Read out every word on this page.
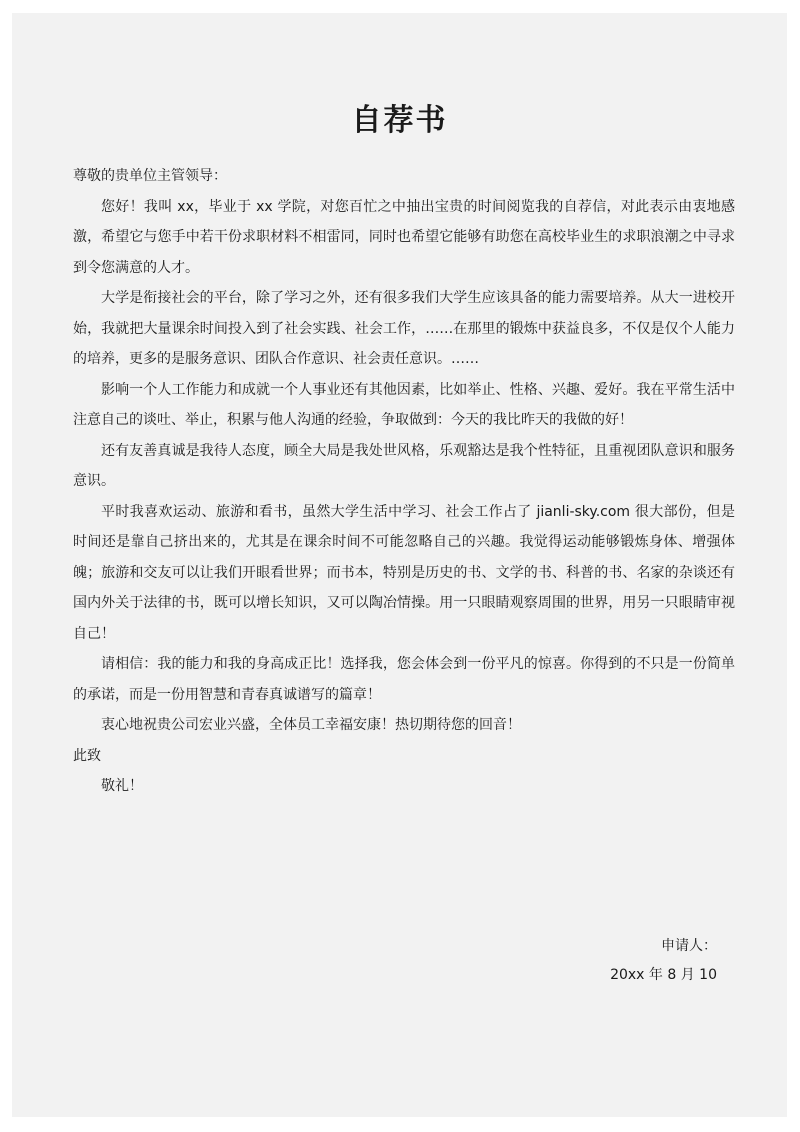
自荐书

尊敬的贵单位主管领导：

您好！我叫 xx，毕业于 xx 学院，对您百忙之中抽出宝贵的时间阅览我的自荐信，对此表示由衷地感激，希望它与您手中若干份求职材料不相雷同，同时也希望它能够有助您在高校毕业生的求职浪潮之中寻求到令您满意的人才。

大学是衔接社会的平台，除了学习之外，还有很多我们大学生应该具备的能力需要培养。从大一进校开始，我就把大量课余时间投入到了社会实践、社会工作，……在那里的锻炼中获益良多，不仅是仅个人能力的培养，更多的是服务意识、团队合作意识、社会责任意识。……

影响一个人工作能力和成就一个人事业还有其他因素，比如举止、性格、兴趣、爱好。我在平常生活中注意自己的谈吐、举止，积累与他人沟通的经验，争取做到：今天的我比昨天的我做的好！

还有友善真诚是我待人态度，顾全大局是我处世风格，乐观豁达是我个性特征，且重视团队意识和服务意识。

平时我喜欢运动、旅游和看书，虽然大学生活中学习、社会工作占了 jianli-sky.com 很大部份，但是时间还是靠自己挤出来的，尤其是在课余时间不可能忽略自己的兴趣。我觉得运动能够锻炼身体、增强体魄；旅游和交友可以让我们开眼看世界；而书本，特别是历史的书、文学的书、科普的书、名家的杂谈还有国内外关于法律的书，既可以增长知识，又可以陶冶情操。用一只眼睛观察周围的世界，用另一只眼睛审视自己！

请相信：我的能力和我的身高成正比！选择我，您会体会到一份平凡的惊喜。你得到的不只是一份简单的承诺，而是一份用智慧和青春真诚谱写的篇章！

衷心地祝贵公司宏业兴盛，全体员工幸福安康！热切期待您的回音！

此致

敬礼！

申请人：
20xx 年 8 月 10
